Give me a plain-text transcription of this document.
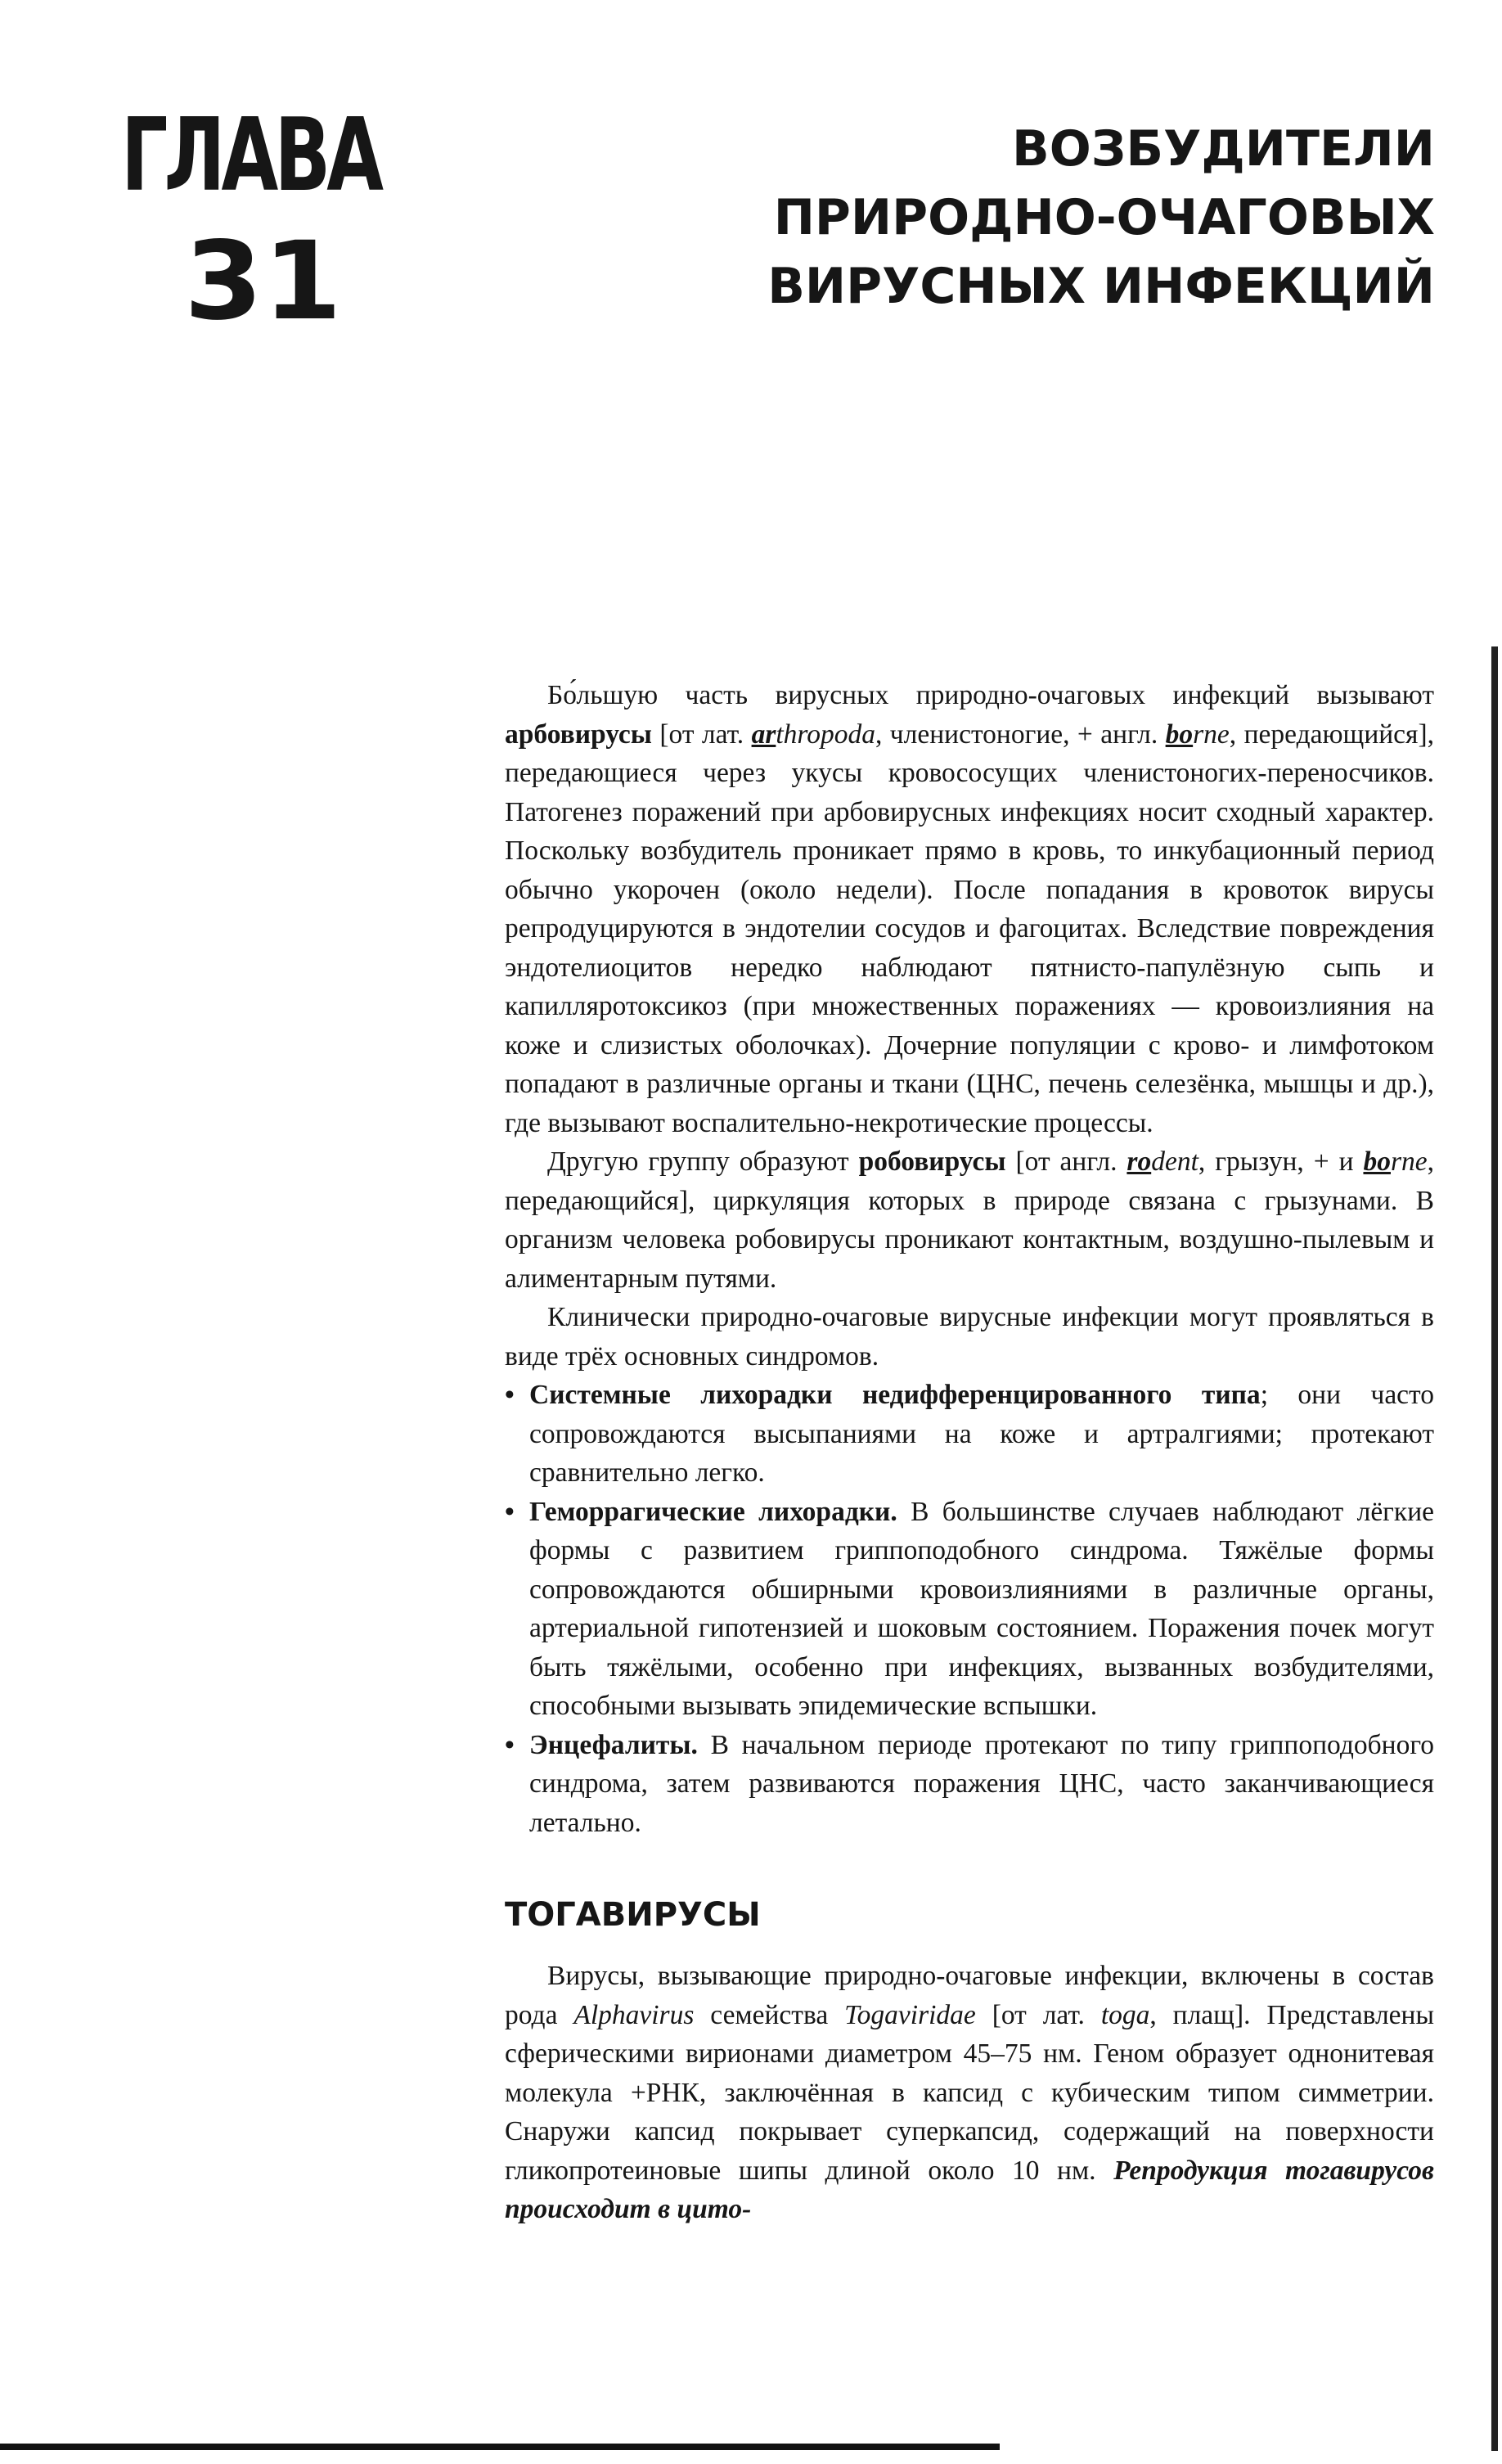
ГЛАВА
31
ВОЗБУДИТЕЛИ
ПРИРОДНО-ОЧАГОВЫХ
ВИРУСНЫХ ИНФЕКЦИЙ

Бо́льшую часть вирусных природно-очаговых инфекций вызывают арбовирусы [от лат. arthropoda, членистоногие, + англ. borne, передающийся], передающиеся через укусы кровососущих членистоногих-переносчиков. Патогенез поражений при арбовирусных инфекциях носит сходный характер. Поскольку возбудитель проникает прямо в кровь, то инкубационный период обычно укорочен (около недели). После попадания в кровоток вирусы репродуцируются в эндотелии сосудов и фагоцитах. Вследствие повреждения эндотелиоцитов нередко наблюдают пятнисто-папулёзную сыпь и капилляротоксикоз (при множественных поражениях — кровоизлияния на коже и слизистых оболочках). Дочерние популяции с крово- и лимфотоком попадают в различные органы и ткани (ЦНС, печень селезёнка, мышцы и др.), где вызывают воспалительно-некротические процессы.

Другую группу образуют робовирусы [от англ. rodent, грызун, + и borne, передающийся], циркуляция которых в природе связана с грызунами. В организм человека робовирусы проникают контактным, воздушно-пылевым и алиментарным путями.

Клинически природно-очаговые вирусные инфекции могут проявляться в виде трёх основных синдромов.

• Системные лихорадки недифференцированного типа; они часто сопровождаются высыпаниями на коже и артралгиями; протекают сравнительно легко.
• Геморрагические лихорадки. В большинстве случаев наблюдают лёгкие формы с развитием гриппоподобного синдрома. Тяжёлые формы сопровождаются обширными кровоизлияниями в различные органы, артериальной гипотензией и шоковым состоянием. Поражения почек могут быть тяжёлыми, особенно при инфекциях, вызванных возбудителями, способными вызывать эпидемические вспышки.
• Энцефалиты. В начальном периоде протекают по типу гриппоподобного синдрома, затем развиваются поражения ЦНС, часто заканчивающиеся летально.
ТОГАВИРУСЫ

Вирусы, вызывающие природно-очаговые инфекции, включены в состав рода Alphavirus семейства Togaviridae [от лат. toga, плащ]. Представлены сферическими вирионами диаметром 45–75 нм. Геном образует однонитевая молекула +РНК, заключённая в капсид с кубическим типом симметрии. Снаружи капсид покрывает суперкапсид, содержащий на поверхности гликопротеиновые шипы длиной около 10 нм. Репродукция тогавирусов происходит в цито-
